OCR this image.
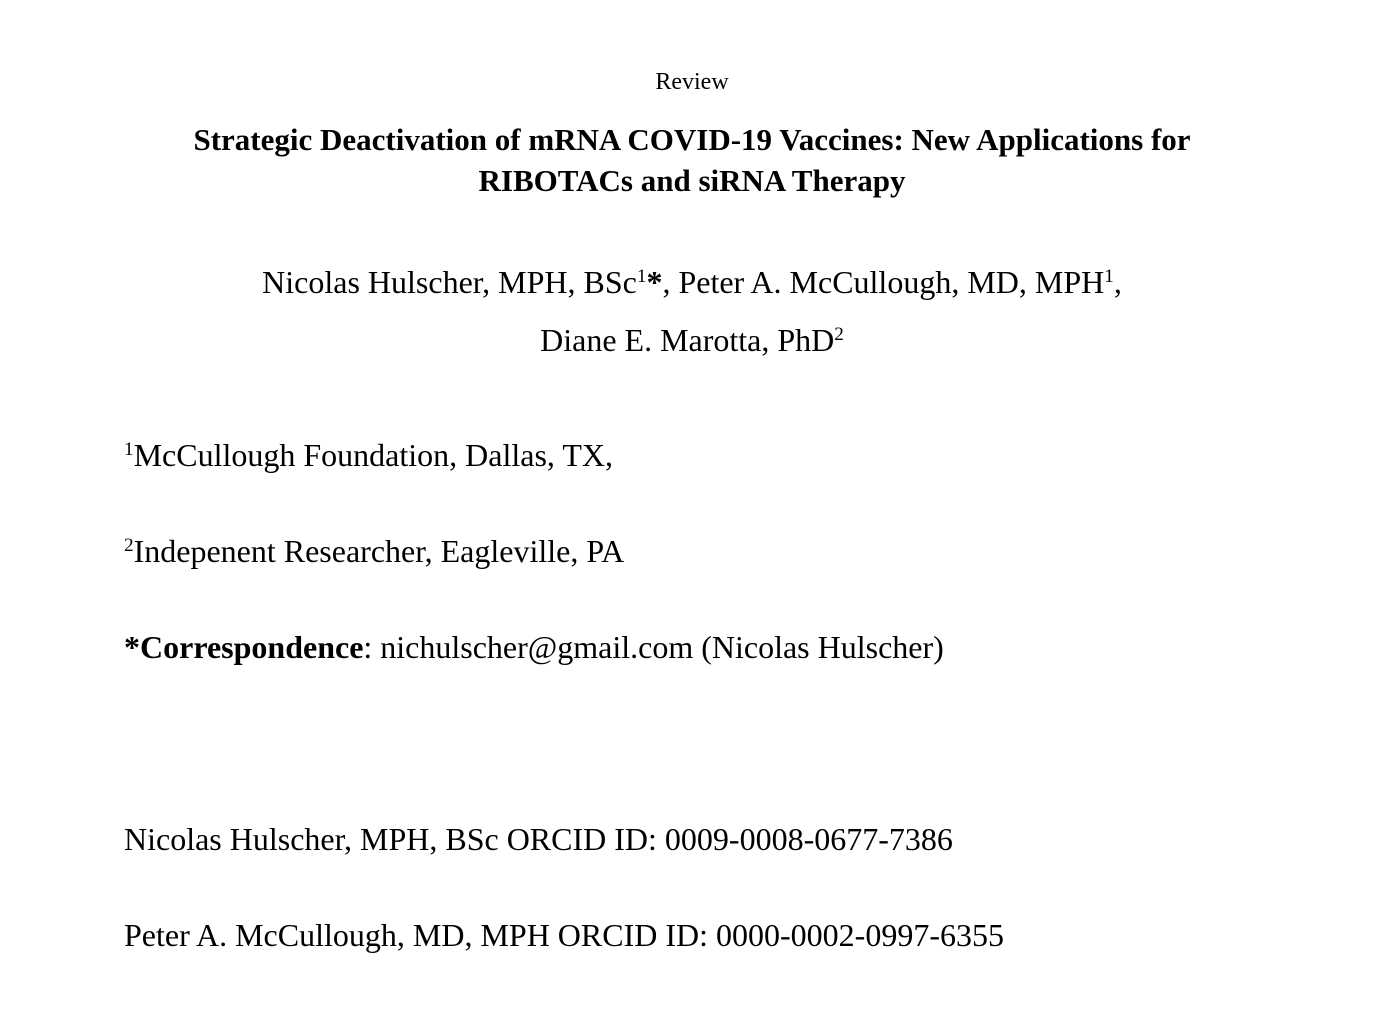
Review
Strategic Deactivation of mRNA COVID-19 Vaccines: New Applications for
RIBOTACs and siRNA Therapy
Nicolas Hulscher, MPH, BSc$^1$*, Peter A. McCullough, MD, MPH$^1$,
Diane E. Marotta, PhD$^2$
$^1$McCullough Foundation, Dallas, TX,
$^2$Indepenent Researcher, Eagleville, PA
*Correspondence: nichulscher@gmail.com (Nicolas Hulscher)
Nicolas Hulscher, MPH, BSc ORCID ID: 0009-0008-0677-7386
Peter A. McCullough, MD, MPH ORCID ID: 0000-0002-0997-6355
